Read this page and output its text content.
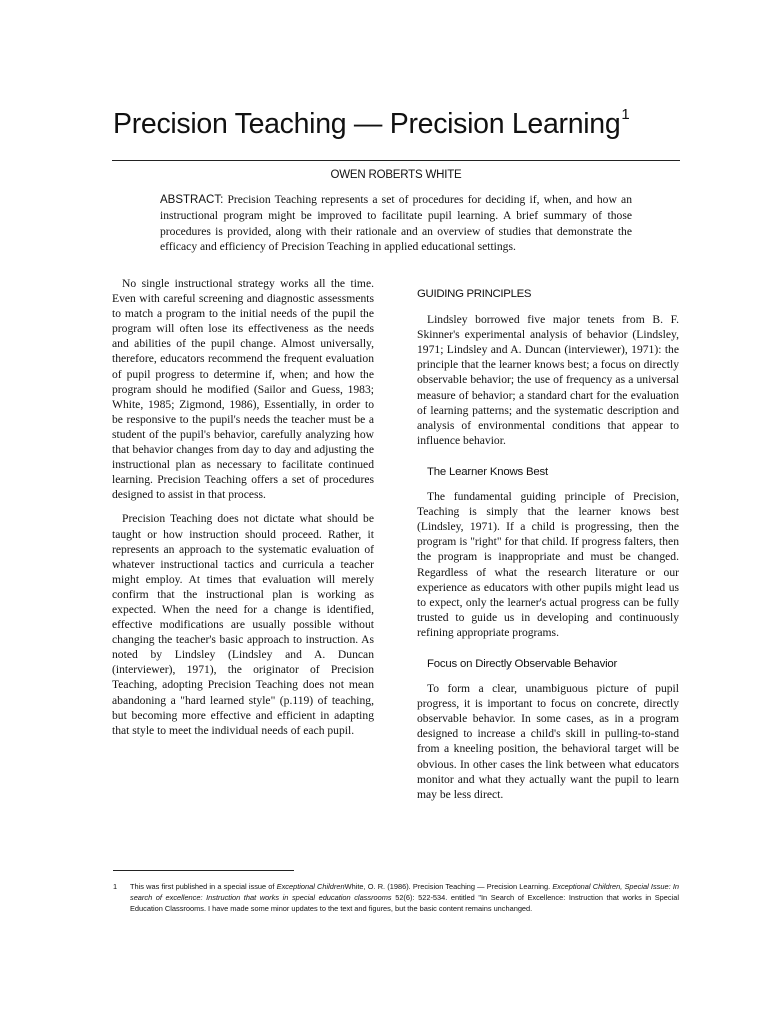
Precision Teaching — Precision Learning$^1$
OWEN ROBERTS WHITE
ABSTRACT: Precision Teaching represents a set of procedures for deciding if, when, and how an instructional program might be improved to facilitate pupil learning. A brief summary of those procedures is provided, along with their rationale and an overview of studies that demonstrate the efficacy and efficiency of Precision Teaching in applied educational settings.

No single instructional strategy works all the time. Even with careful screening and diagnostic assessments to match a program to the initial needs of the pupil the program will often lose its effectiveness as the needs and abilities of the pupil change. Almost universally, therefore, educators recommend the frequent evaluation of pupil progress to determine if, when; and how the program should he modified (Sailor and Guess, 1983; White, 1985; Zigmond, 1986), Essentially, in order to be responsive to the pupil's needs the teacher must be a student of the pupil's behavior, carefully analyzing how that behavior changes from day to day and adjusting the instructional plan as necessary to facilitate continued learning. Precision Teaching offers a set of procedures designed to assist in that process.

Precision Teaching does not dictate what should be taught or how instruction should proceed. Rather, it represents an approach to the systematic evaluation of whatever instructional tactics and curricula a teacher might employ. At times that evaluation will merely confirm that the instructional plan is working as expected. When the need for a change is identified, effective modifications are usually possible without changing the teacher's basic approach to instruction. As noted by Lindsley (Lindsley and A. Duncan (interviewer), 1971), the originator of Precision Teaching, adopting Precision Teaching does not mean abandoning a "hard learned style" (p.119) of teaching, but becoming more effective and efficient in adapting that style to meet the individual needs of each pupil.

GUIDING PRINCIPLES

Lindsley borrowed five major tenets from B. F. Skinner's experimental analysis of behavior (Lindsley, 1971; Lindsley and A. Duncan (interviewer), 1971): the principle that the learner knows best; a focus on directly observable behavior; the use of frequency as a universal measure of behavior; a standard chart for the evaluation of learning patterns; and the systematic description and analysis of environmental conditions that appear to influence behavior.

The Learner Knows Best

The fundamental guiding principle of Precision, Teaching is simply that the learner knows best (Lindsley, 1971). If a child is progressing, then the program is "right" for that child. If progress falters, then the program is inappropriate and must be changed. Regardless of what the research literature or our experience as educators with other pupils might lead us to expect, only the learner's actual progress can be fully trusted to guide us in developing and continuously refining appropriate programs.

Focus on Directly Observable Behavior

To form a clear, unambiguous picture of pupil progress, it is important to focus on concrete, directly observable behavior. In some cases, as in a program designed to increase a child's skill in pulling-to-stand from a kneeling position, the behavioral target will be obvious. In other cases the link between what educators monitor and what they actually want the pupil to learn may be less direct.

1 This was first published in a special issue of Exceptional ChildrenWhite, O. R. (1986). Precision Teaching — Precision Learning. Exceptional Children, Special Issue: In search of excellence: Instruction that works in special education classrooms 52(6): 522-534. entitled "In Search of Excellence: Instruction that works in Special Education Classrooms. I have made some minor updates to the text and figures, but the basic content remains unchanged.
